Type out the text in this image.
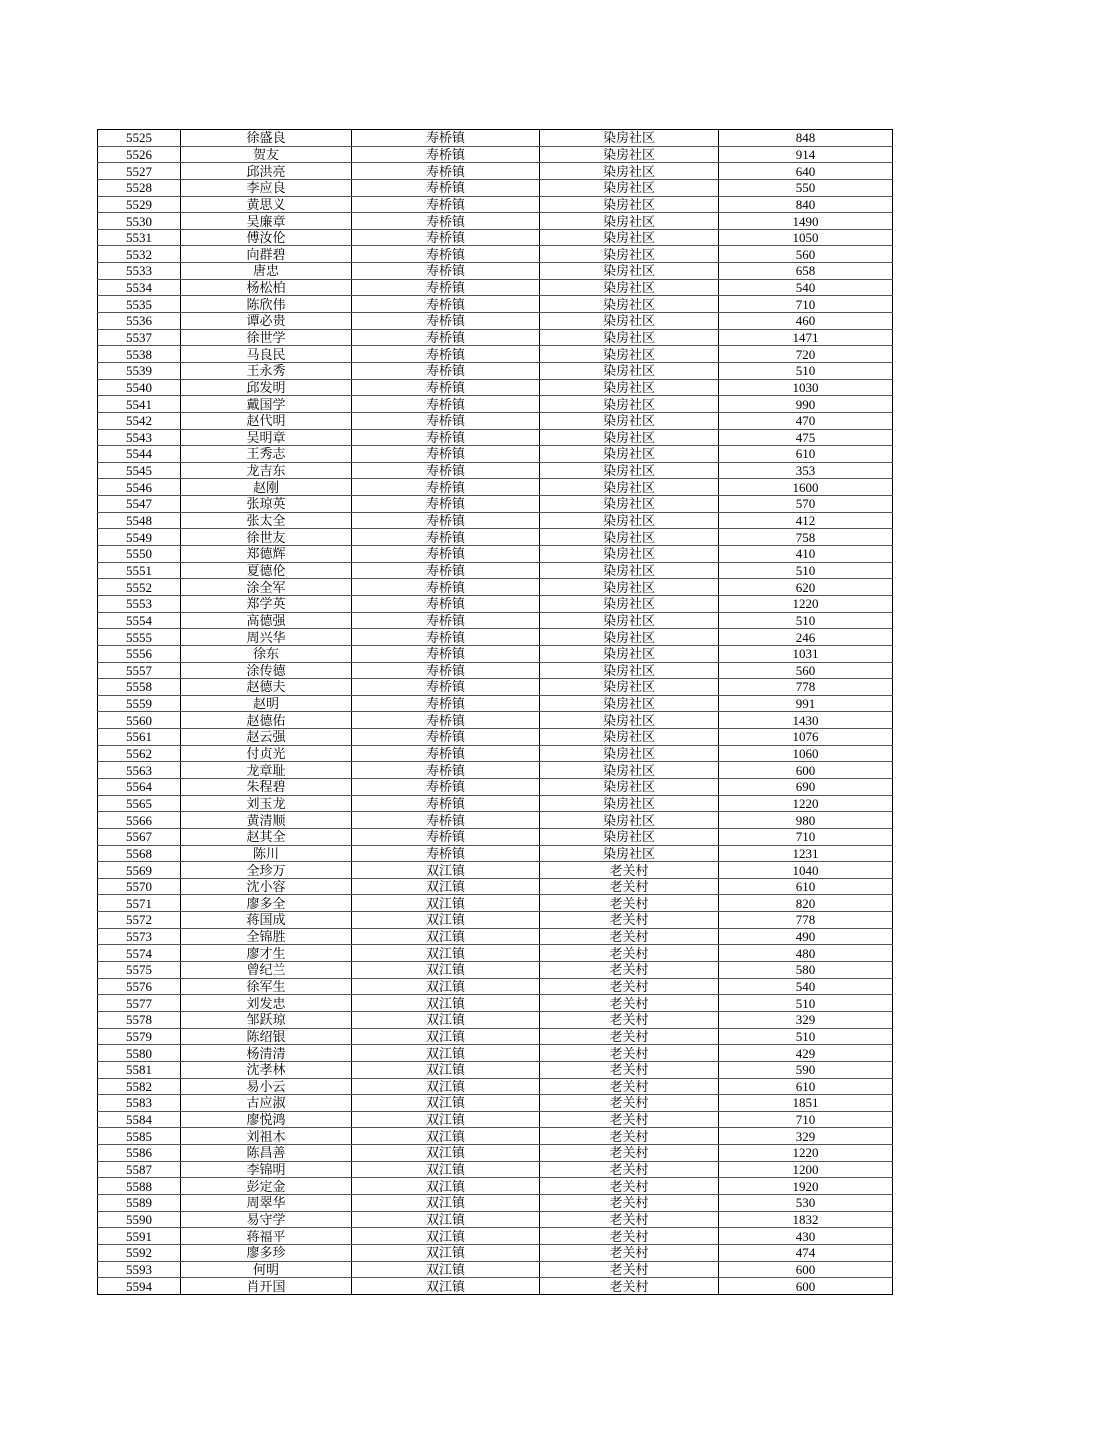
5525	徐盛良	寿桥镇	染房社区	848
5526	贺友	寿桥镇	染房社区	914
5527	邱洪亮	寿桥镇	染房社区	640
5528	李应良	寿桥镇	染房社区	550
5529	黄思义	寿桥镇	染房社区	840
5530	吴廉章	寿桥镇	染房社区	1490
5531	傅汝伦	寿桥镇	染房社区	1050
5532	向群碧	寿桥镇	染房社区	560
5533	唐忠	寿桥镇	染房社区	658
5534	杨松柏	寿桥镇	染房社区	540
5535	陈欣伟	寿桥镇	染房社区	710
5536	谭必贵	寿桥镇	染房社区	460
5537	徐世学	寿桥镇	染房社区	1471
5538	马良民	寿桥镇	染房社区	720
5539	王永秀	寿桥镇	染房社区	510
5540	邱发明	寿桥镇	染房社区	1030
5541	戴国学	寿桥镇	染房社区	990
5542	赵代明	寿桥镇	染房社区	470
5543	吴明章	寿桥镇	染房社区	475
5544	王秀志	寿桥镇	染房社区	610
5545	龙吉东	寿桥镇	染房社区	353
5546	赵刚	寿桥镇	染房社区	1600
5547	张琼英	寿桥镇	染房社区	570
5548	张太全	寿桥镇	染房社区	412
5549	徐世友	寿桥镇	染房社区	758
5550	郑德辉	寿桥镇	染房社区	410
5551	夏德伦	寿桥镇	染房社区	510
5552	涂全军	寿桥镇	染房社区	620
5553	郑学英	寿桥镇	染房社区	1220
5554	高德强	寿桥镇	染房社区	510
5555	周兴华	寿桥镇	染房社区	246
5556	徐东	寿桥镇	染房社区	1031
5557	涂传德	寿桥镇	染房社区	560
5558	赵德夫	寿桥镇	染房社区	778
5559	赵明	寿桥镇	染房社区	991
5560	赵德佑	寿桥镇	染房社区	1430
5561	赵云强	寿桥镇	染房社区	1076
5562	付贞光	寿桥镇	染房社区	1060
5563	龙章耻	寿桥镇	染房社区	600
5564	朱程碧	寿桥镇	染房社区	690
5565	刘玉龙	寿桥镇	染房社区	1220
5566	黄清顺	寿桥镇	染房社区	980
5567	赵其全	寿桥镇	染房社区	710
5568	陈川	寿桥镇	染房社区	1231
5569	全珍万	双江镇	老关村	1040
5570	沈小容	双江镇	老关村	610
5571	廖多全	双江镇	老关村	820
5572	蒋国成	双江镇	老关村	778
5573	全锦胜	双江镇	老关村	490
5574	廖才生	双江镇	老关村	480
5575	曾纪兰	双江镇	老关村	580
5576	徐军生	双江镇	老关村	540
5577	刘发忠	双江镇	老关村	510
5578	邹跃琼	双江镇	老关村	329
5579	陈绍银	双江镇	老关村	510
5580	杨清清	双江镇	老关村	429
5581	沈孝林	双江镇	老关村	590
5582	易小云	双江镇	老关村	610
5583	古应淑	双江镇	老关村	1851
5584	廖悦鸿	双江镇	老关村	710
5585	刘祖木	双江镇	老关村	329
5586	陈昌善	双江镇	老关村	1220
5587	李锦明	双江镇	老关村	1200
5588	彭定金	双江镇	老关村	1920
5589	周翠华	双江镇	老关村	530
5590	易守学	双江镇	老关村	1832
5591	蒋福平	双江镇	老关村	430
5592	廖多珍	双江镇	老关村	474
5593	何明	双江镇	老关村	600
5594	肖开国	双江镇	老关村	600
